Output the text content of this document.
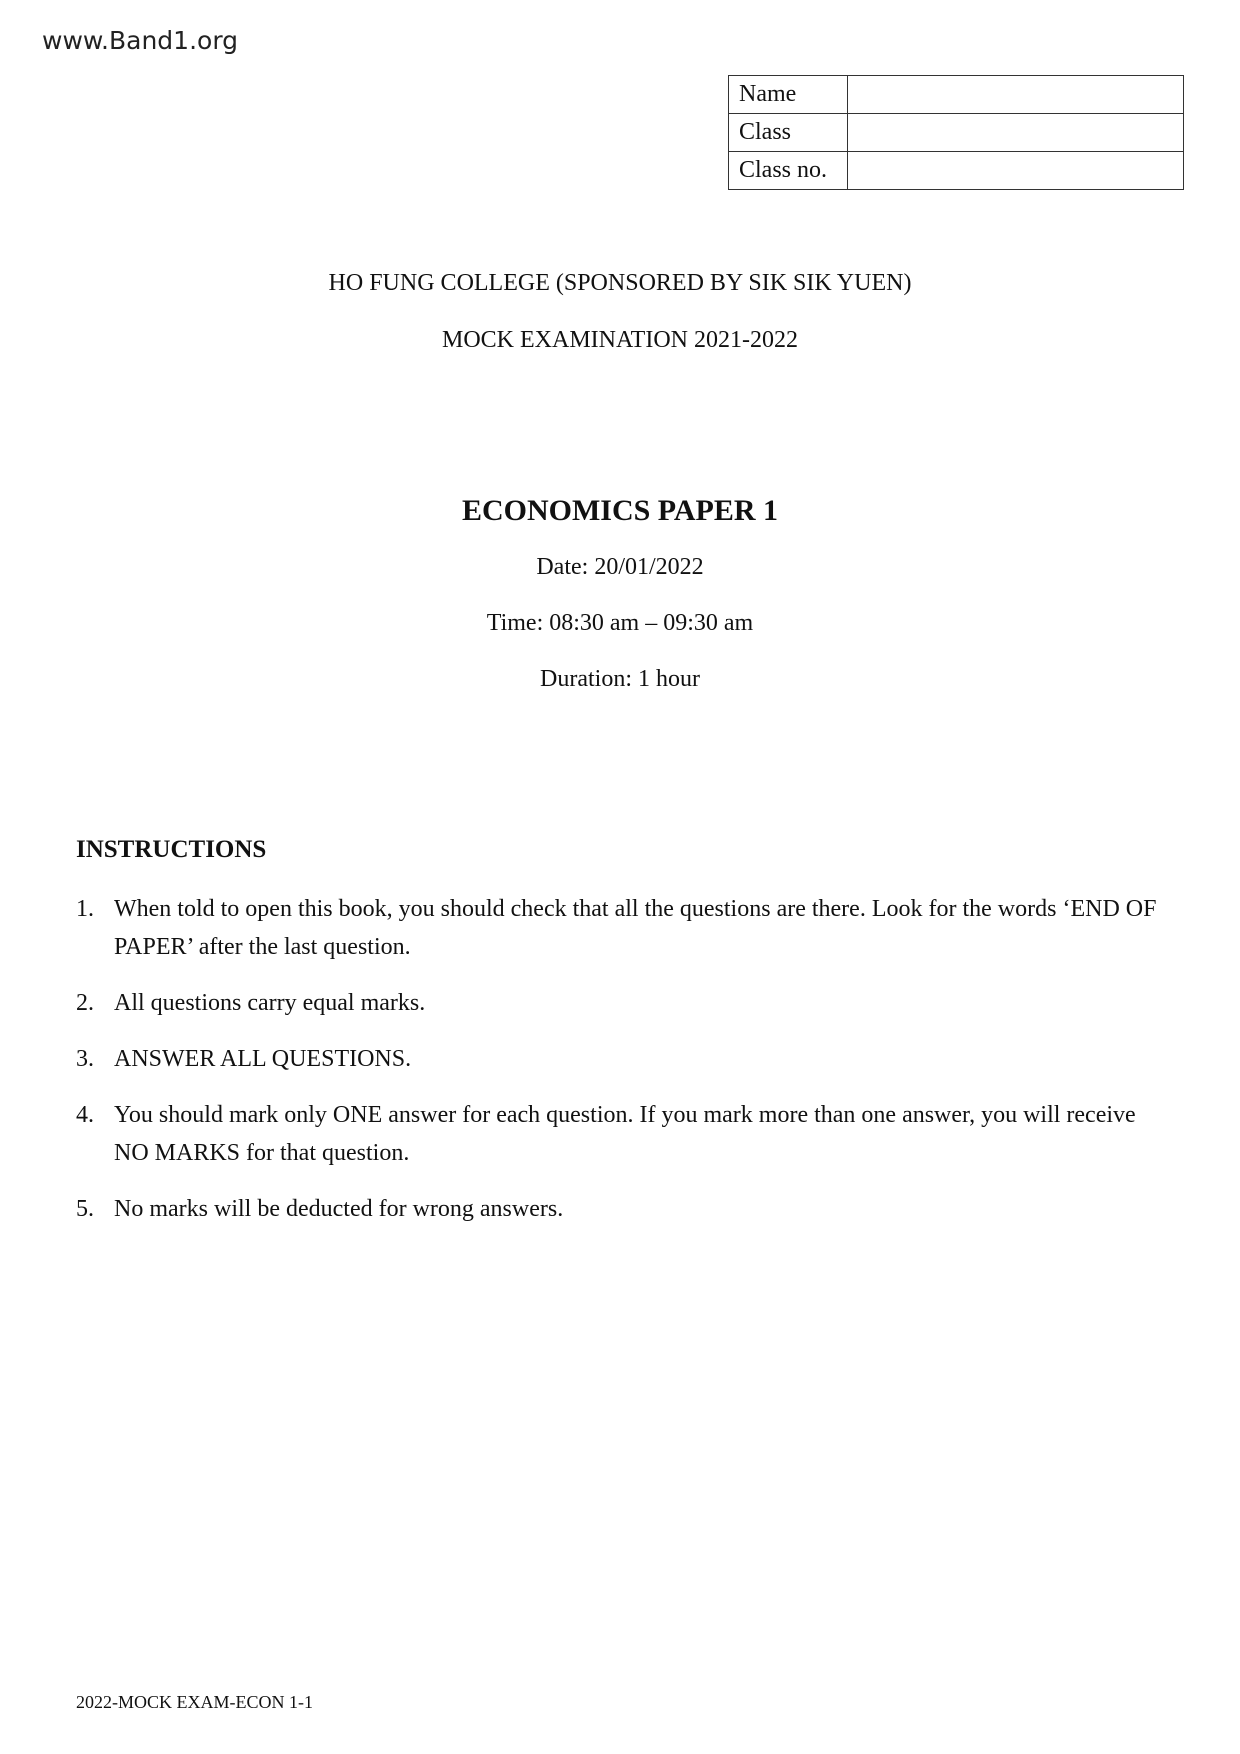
www.Band1.org
Name	
Class	
Class no.	
HO FUNG COLLEGE (SPONSORED BY SIK SIK YUEN)
MOCK EXAMINATION 2021-2022
ECONOMICS PAPER 1
Date: 20/01/2022
Time: 08:30 am – 09:30 am
Duration: 1 hour
INSTRUCTIONS
1. When told to open this book, you should check that all the questions are there. Look for the words ‘END OF PAPER’ after the last question.
2. All questions carry equal marks.
3. ANSWER ALL QUESTIONS.
4. You should mark only ONE answer for each question. If you mark more than one answer, you will receive NO MARKS for that question.
5. No marks will be deducted for wrong answers.
2022-MOCK EXAM-ECON 1-1
